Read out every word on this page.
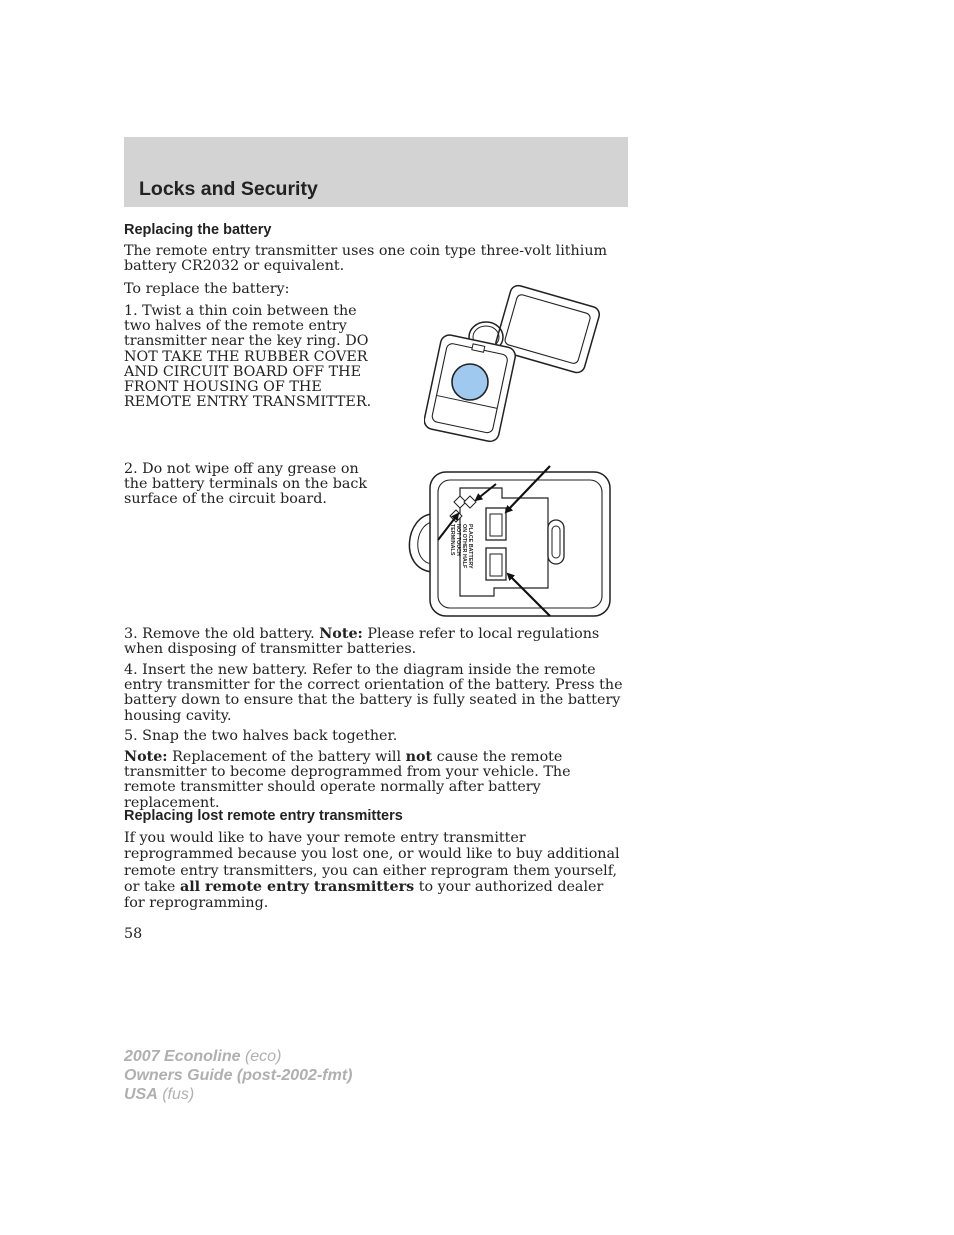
Locks and Security
Replacing the battery

The remote entry transmitter uses one coin type three-volt lithium battery CR2032 or equivalent.

To replace the battery:

1. Twist a thin coin between the two halves of the remote entry transmitter near the key ring. DO NOT TAKE THE RUBBER COVER AND CIRCUIT BOARD OFF THE FRONT HOUSING OF THE REMOTE ENTRY TRANSMITTER.

2. Do not wipe off any grease on the battery terminals on the back surface of the circuit board.

PLACE BATTERY
ON OTHER HALF
NOT TOUCH
TERMINALS

3. Remove the old battery. Note: Please refer to local regulations when disposing of transmitter batteries.

4. Insert the new battery. Refer to the diagram inside the remote entry transmitter for the correct orientation of the battery. Press the battery down to ensure that the battery is fully seated in the battery housing cavity.

5. Snap the two halves back together.

Note: Replacement of the battery will not cause the remote transmitter to become deprogrammed from your vehicle. The remote transmitter should operate normally after battery replacement.

Replacing lost remote entry transmitters

If you would like to have your remote entry transmitter reprogrammed because you lost one, or would like to buy additional remote entry transmitters, you can either reprogram them yourself, or take all remote entry transmitters to your authorized dealer for reprogramming.

58

2007 Econoline (eco)
Owners Guide (post-2002-fmt)
USA (fus)
